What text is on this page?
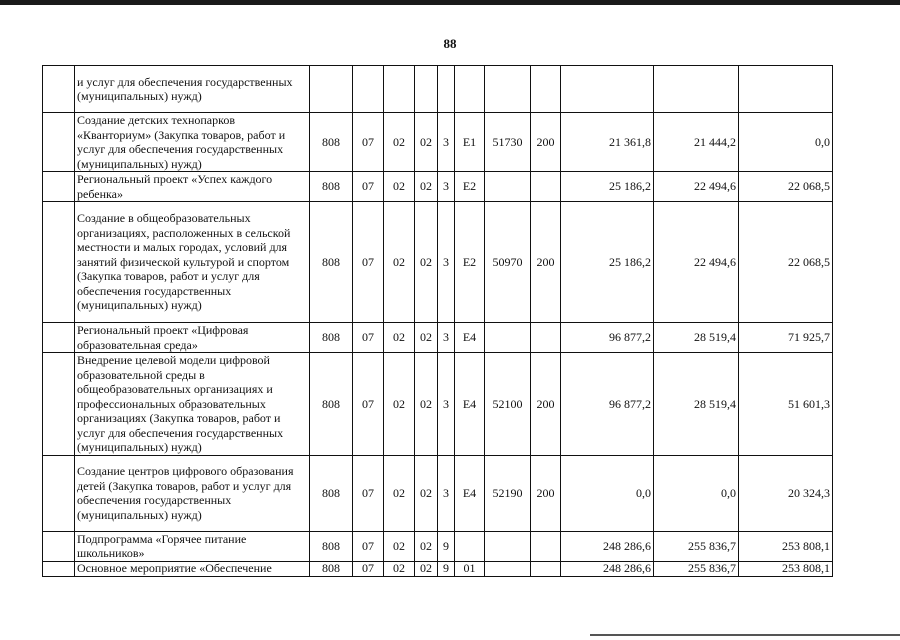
88
	и услуг для обеспечения государственных (муниципальных) нужд)											
	Создание детских технопарков «Кванториум» (Закупка товаров, работ и услуг для обеспечения государственных (муниципальных) нужд)	808	07	02	02	3	E1	51730	200	21 361,8	21 444,2	0,0
	Региональный проект «Успех каждого ребенка»	808	07	02	02	3	E2			25 186,2	22 494,6	22 068,5
	Создание в общеобразовательных организациях, расположенных в сельской местности и малых городах, условий для занятий физической культурой и спортом (Закупка товаров, работ и услуг для обеспечения государственных (муниципальных) нужд)	808	07	02	02	3	E2	50970	200	25 186,2	22 494,6	22 068,5
	Региональный проект «Цифровая образовательная среда»	808	07	02	02	3	E4			96 877,2	28 519,4	71 925,7
	Внедрение целевой модели цифровой образовательной среды в общеобразовательных организациях и профессиональных образовательных организациях (Закупка товаров, работ и услуг для обеспечения государственных (муниципальных) нужд)	808	07	02	02	3	E4	52100	200	96 877,2	28 519,4	51 601,3
	Создание центров цифрового образования детей (Закупка товаров, работ и услуг для обеспечения государственных (муниципальных) нужд)	808	07	02	02	3	E4	52190	200	0,0	0,0	20 324,3
	Подпрограмма «Горячее питание школьников»	808	07	02	02	9				248 286,6	255 836,7	253 808,1
	Основное мероприятие «Обеспечение	808	07	02	02	9	01			248 286,6	255 836,7	253 808,1
